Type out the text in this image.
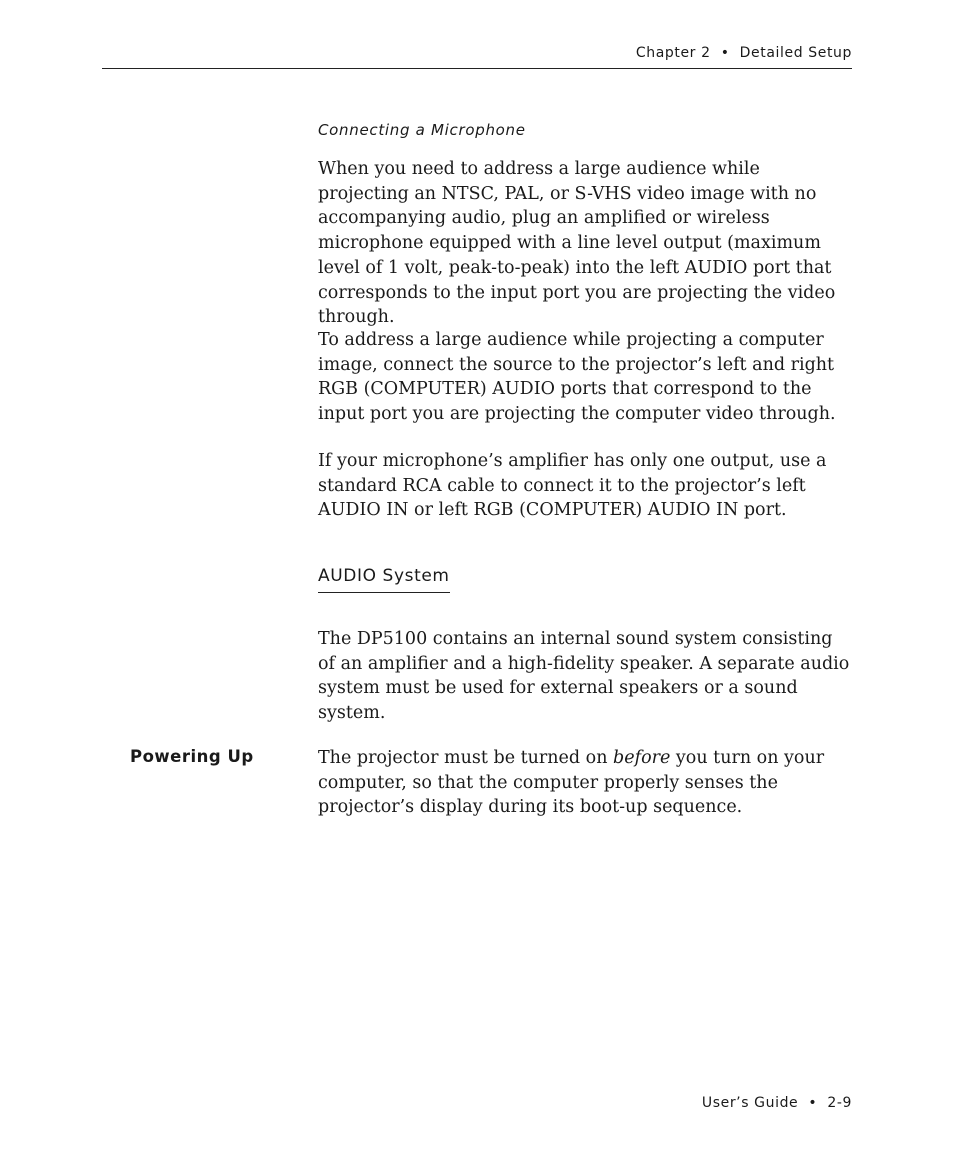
Chapter 2  •  Detailed Setup
Connecting a Microphone

When you need to address a large audience while projecting an NTSC, PAL, or S-VHS video image with no accompanying audio, plug an amplified or wireless microphone equipped with a line level output (maximum level of 1 volt, peak-to-peak) into the left AUDIO port that corresponds to the input port you are projecting the video through.

To address a large audience while projecting a computer image, connect the source to the projector’s left and right RGB (COMPUTER) AUDIO ports that correspond to the input port you are projecting the computer video through.

If your microphone’s amplifier has only one output, use a standard RCA cable to connect it to the projector’s left AUDIO IN or left RGB (COMPUTER) AUDIO IN port.

AUDIO System

The DP5100 contains an internal sound system consisting of an amplifier and a high-fidelity speaker. A separate audio system must be used for external speakers or a sound system.

Powering Up	The projector must be turned on before you turn on your computer, so that the computer properly senses the projector’s display during its boot-up sequence.

User’s Guide  •  2-9
